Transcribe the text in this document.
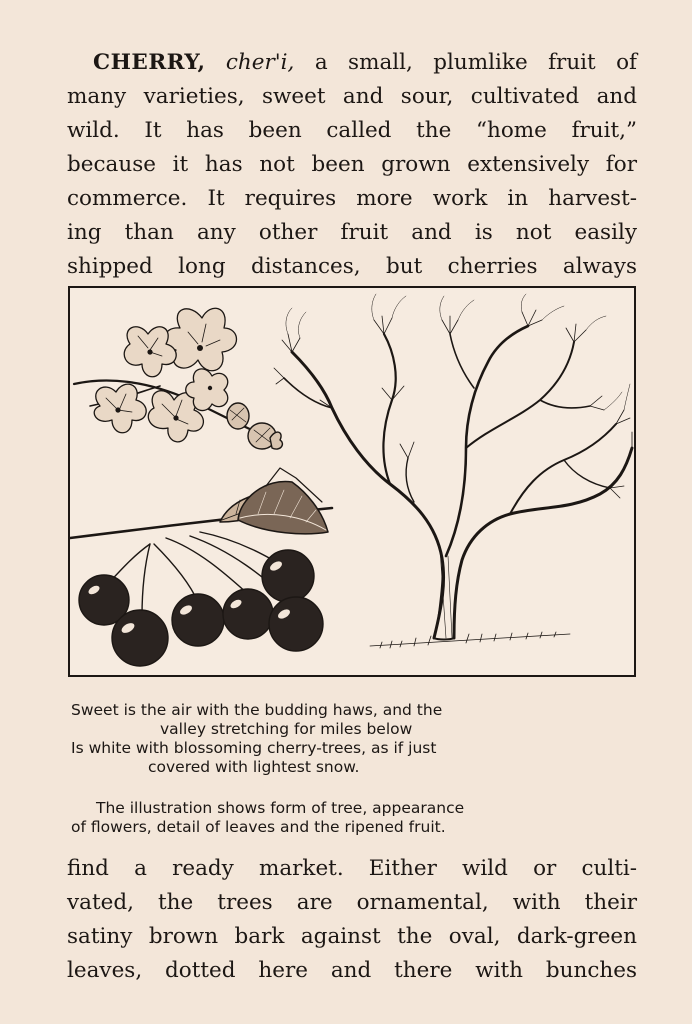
CHERRY, cher'i, a small, plumlike fruit of
many varieties, sweet and sour, cultivated and
wild. It has been called the “home fruit,”
because it has not been grown extensively for
commerce. It requires more work in harvest-
ing than any other fruit and is not easily
shipped long distances, but cherries always

Sweet is the air with the budding haws, and the
valley stretching for miles below
Is white with blossoming cherry-trees, as if just
covered with lightest snow.

The illustration shows form of tree, appearance
of flowers, detail of leaves and the ripened fruit.

find a ready market. Either wild or culti-
vated, the trees are ornamental, with their
satiny brown bark against the oval, dark-green
leaves, dotted here and there with bunches
